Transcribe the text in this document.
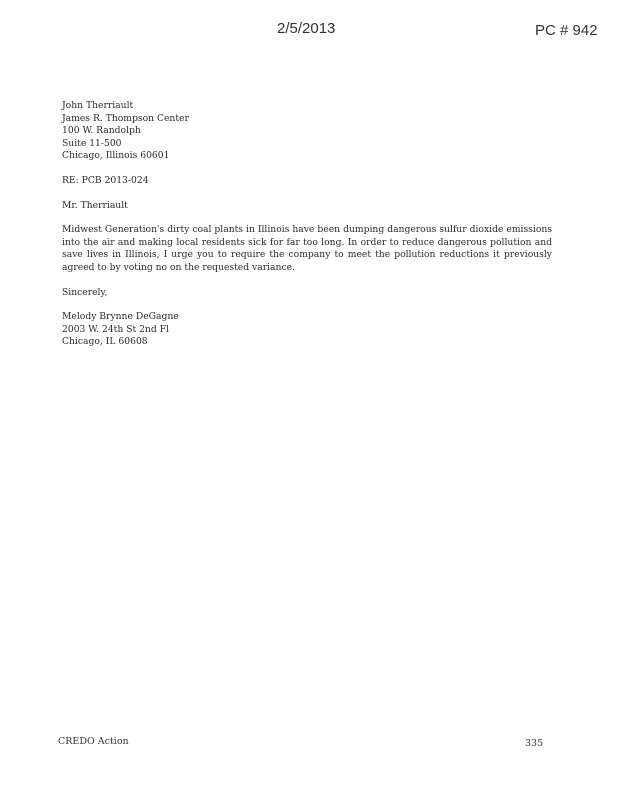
2/5/2013	PC # 942
John Therriault
James R. Thompson Center
100 W. Randolph
Suite 11-500
Chicago, Illinois 60601
RE: PCB 2013-024
Mr. Therriault

Midwest Generation's dirty coal plants in Illinois have been dumping dangerous sulfur dioxide emissions into the air and making local residents sick for far too long. In order to reduce dangerous pollution and save lives in Illinois, I urge you to require the company to meet the pollution reductions it previously agreed to by voting no on the requested variance.

Sincerely,
Melody Brynne DeGagne
2003 W. 24th St 2nd Fl
Chicago, IL 60608
CREDO Action	335
